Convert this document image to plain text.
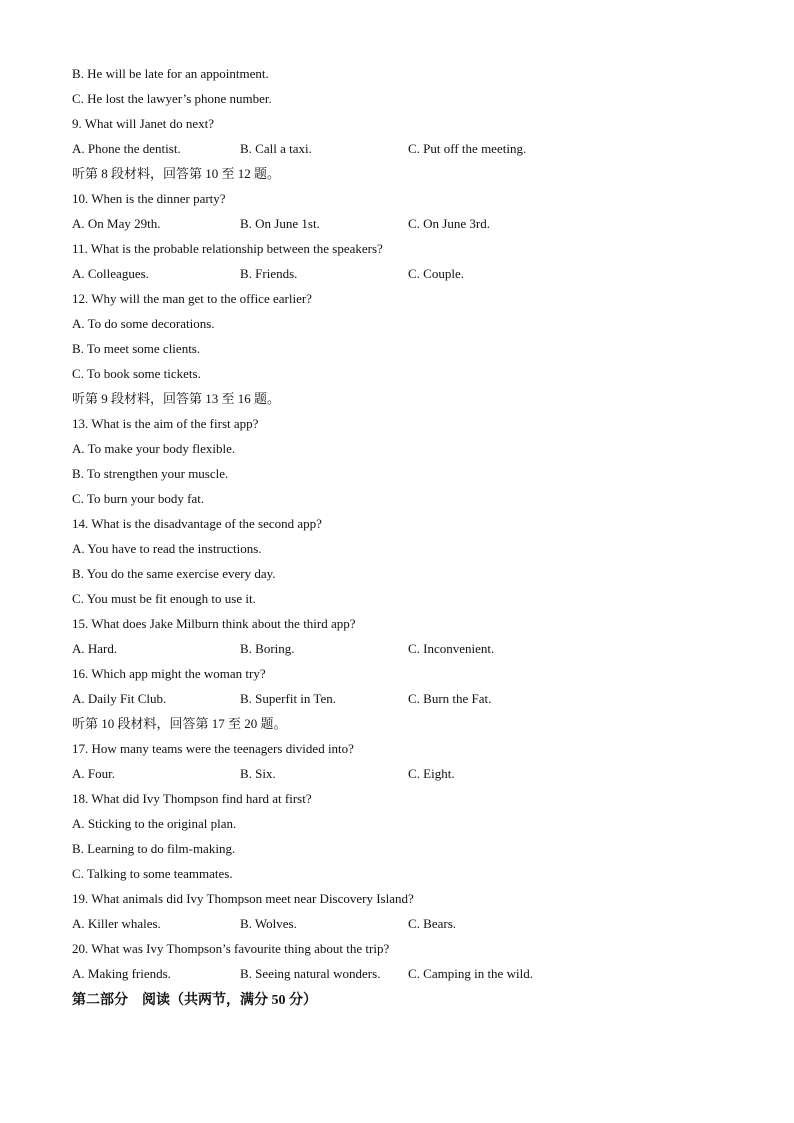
B. He will be late for an appointment.
C. He lost the lawyer’s phone number.
9. What will Janet do next?
A. Phone the dentist.	B. Call a taxi.	C. Put off the meeting.
听第 8 段材料，回答第 10 至 12 题。
10. When is the dinner party?
A. On May 29th.	B. On June 1st.	C. On June 3rd.
11. What is the probable relationship between the speakers?
A. Colleagues.	B. Friends.	C. Couple.
12. Why will the man get to the office earlier?
A. To do some decorations.
B. To meet some clients.
C. To book some tickets.
听第 9 段材料，回答第 13 至 16 题。
13. What is the aim of the first app?
A. To make your body flexible.
B. To strengthen your muscle.
C. To burn your body fat.
14. What is the disadvantage of the second app?
A. You have to read the instructions.
B. You do the same exercise every day.
C. You must be fit enough to use it.
15. What does Jake Milburn think about the third app?
A. Hard.	B. Boring.	C. Inconvenient.
16. Which app might the woman try?
A. Daily Fit Club.	B. Superfit in Ten.	C. Burn the Fat.
听第 10 段材料，回答第 17 至 20 题。
17. How many teams were the teenagers divided into?
A. Four.	B. Six.	C. Eight.
18. What did Ivy Thompson find hard at first?
A. Sticking to the original plan.
B. Learning to do film-making.
C. Talking to some teammates.
19. What animals did Ivy Thompson meet near Discovery Island?
A. Killer whales.	B. Wolves.	C. Bears.
20. What was Ivy Thompson’s favourite thing about the trip?
A. Making friends.	B. Seeing natural wonders. C. Camping in the wild.
第二部分　阅读（共两节，满分 50 分）
